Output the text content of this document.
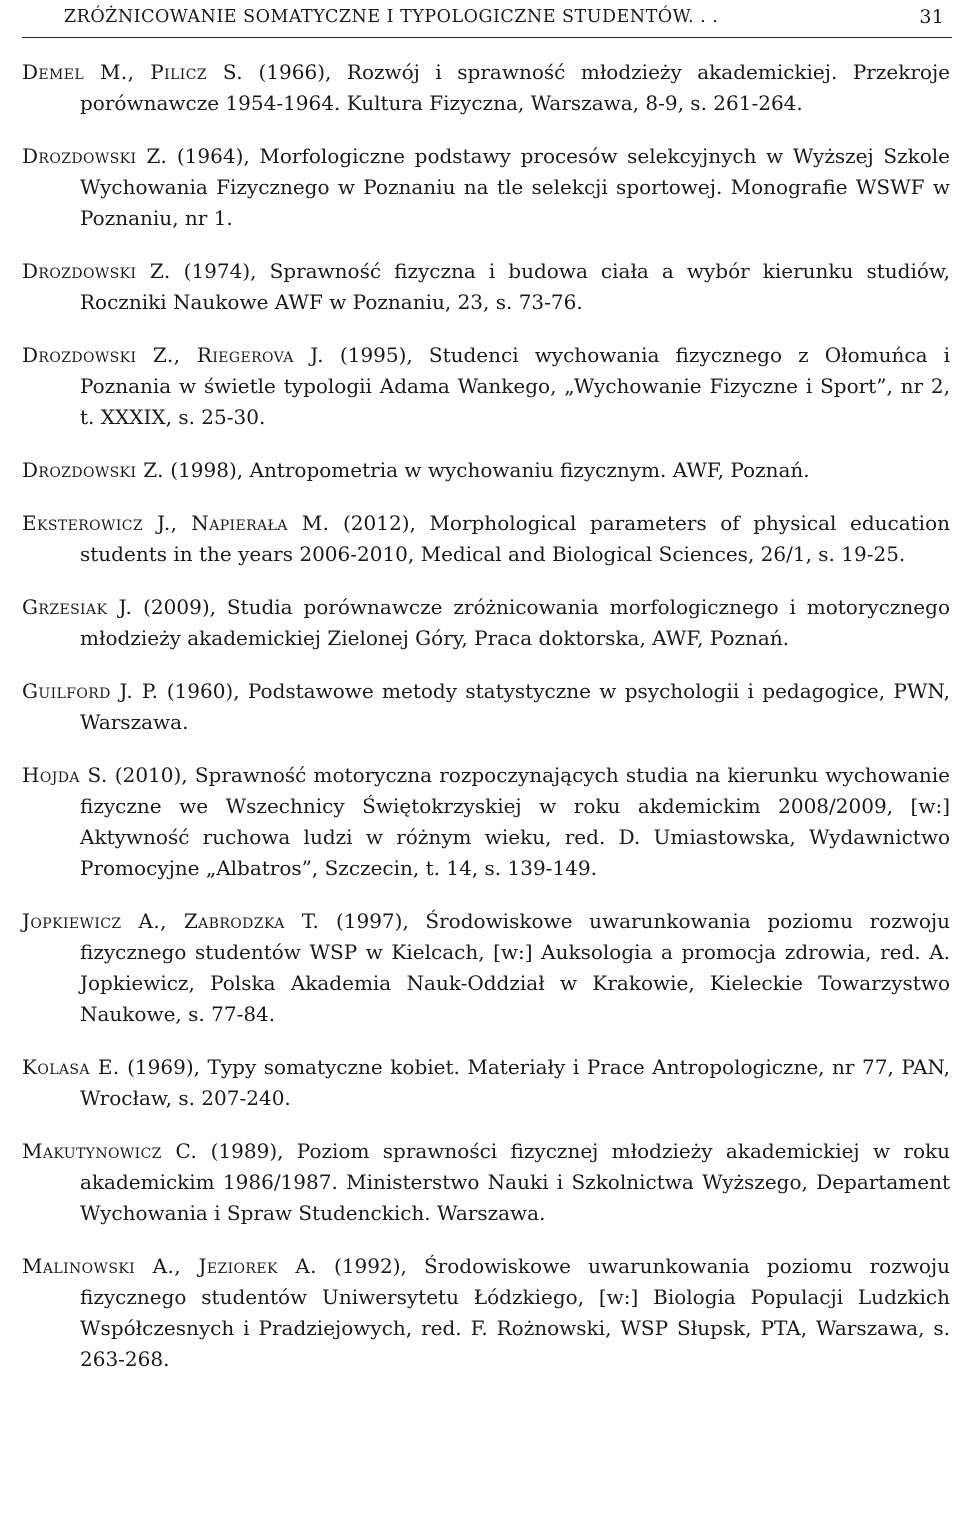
ZRÓŻNICOWANIE SOMATYCZNE I TYPOLOGICZNE STUDENTÓW. . .	31
Demel M., Pilicz S. (1966), Rozwój i sprawność młodzieży akademickiej. Przekroje porównawcze 1954-1964. Kultura Fizyczna, Warszawa, 8-9, s. 261-264.
Drozdowski Z. (1964), Morfologiczne podstawy procesów selekcyjnych w Wyższej Szkole Wychowania Fizycznego w Poznaniu na tle selekcji sportowej. Monografie WSWF w Poznaniu, nr 1.
Drozdowski Z. (1974), Sprawność fizyczna i budowa ciała a wybór kierunku studiów, Roczniki Naukowe AWF w Poznaniu, 23, s. 73-76.
Drozdowski Z., Riegerova J. (1995), Studenci wychowania fizycznego z Ołomuńca i Poznania w świetle typologii Adama Wankego, „Wychowanie Fizyczne i Sport”, nr 2, t. XXXIX, s. 25-30.
Drozdowski Z. (1998), Antropometria w wychowaniu fizycznym. AWF, Poznań.
Eksterowicz J., Napierała M. (2012), Morphological parameters of physical education students in the years 2006-2010, Medical and Biological Sciences, 26/1, s. 19-25.
Grzesiak J. (2009), Studia porównawcze zróżnicowania morfologicznego i motorycznego młodzieży akademickiej Zielonej Góry, Praca doktorska, AWF, Poznań.
Guilford J. P. (1960), Podstawowe metody statystyczne w psychologii i pedagogice, PWN, Warszawa.
Hojda S. (2010), Sprawność motoryczna rozpoczynających studia na kierunku wychowanie fizyczne we Wszechnicy Świętokrzyskiej w roku akdemickim 2008/2009, [w:] Aktywność ruchowa ludzi w różnym wieku, red. D. Umiastowska, Wydawnictwo Promocyjne „Albatros”, Szczecin, t. 14, s. 139-149.
Jopkiewicz A., Zabrodzka T. (1997), Środowiskowe uwarunkowania poziomu rozwoju fizycznego studentów WSP w Kielcach, [w:] Auksologia a promocja zdrowia, red. A. Jopkiewicz, Polska Akademia Nauk-Oddział w Krakowie, Kieleckie Towarzystwo Naukowe, s. 77-84.
Kolasa E. (1969), Typy somatyczne kobiet. Materiały i Prace Antropologiczne, nr 77, PAN, Wrocław, s. 207-240.
Makutynowicz C. (1989), Poziom sprawności fizycznej młodzieży akademickiej w roku akademickim 1986/1987. Ministerstwo Nauki i Szkolnictwa Wyższego, Departament Wychowania i Spraw Studenckich. Warszawa.
Malinowski A., Jeziorek A. (1992), Środowiskowe uwarunkowania poziomu rozwoju fizycznego studentów Uniwersytetu Łódzkiego, [w:] Biologia Populacji Ludzkich Współczesnych i Pradziejowych, red. F. Rożnowski, WSP Słupsk, PTA, Warszawa, s. 263-268.
